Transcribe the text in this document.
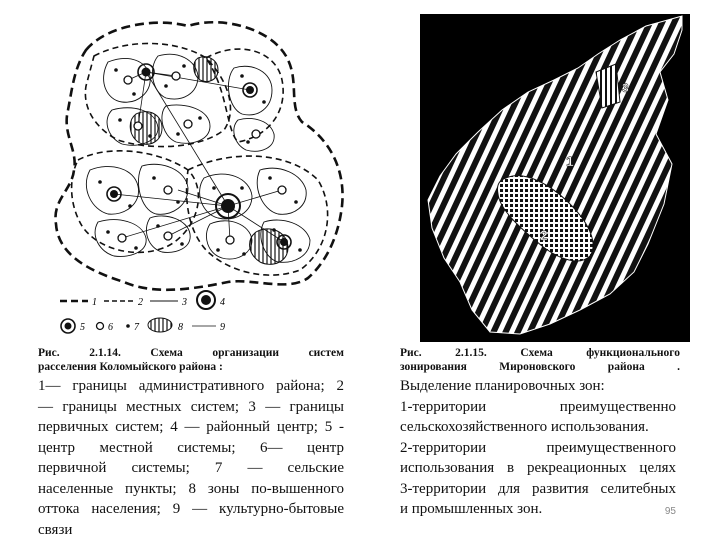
1	2	3	4
5 6 7	8	9
1
2
3
Рис. 2.1.14. Схема организации систем
расселения Коломыйского района :
1— границы административного района; 2
— границы местных систем; 3 — границы
первичных систем; 4 — районный центр; 5 -
центр местной системы; 6— центр
первичной системы; 7 — сельские
населенные пункты; 8 зоны по-вышенного
оттока населения; 9 — культурно-бытовые
связи
Рис. 2.1.15. Схема функционального
зонирования Мироновского района .
Выделение планировочных зон:
1-территории преимущественно
сельскохозяйственного использования.
2-территории преимущественного
использования в рекреационных целях
3-территории для развития селитебных
и промышленных зон.	95
